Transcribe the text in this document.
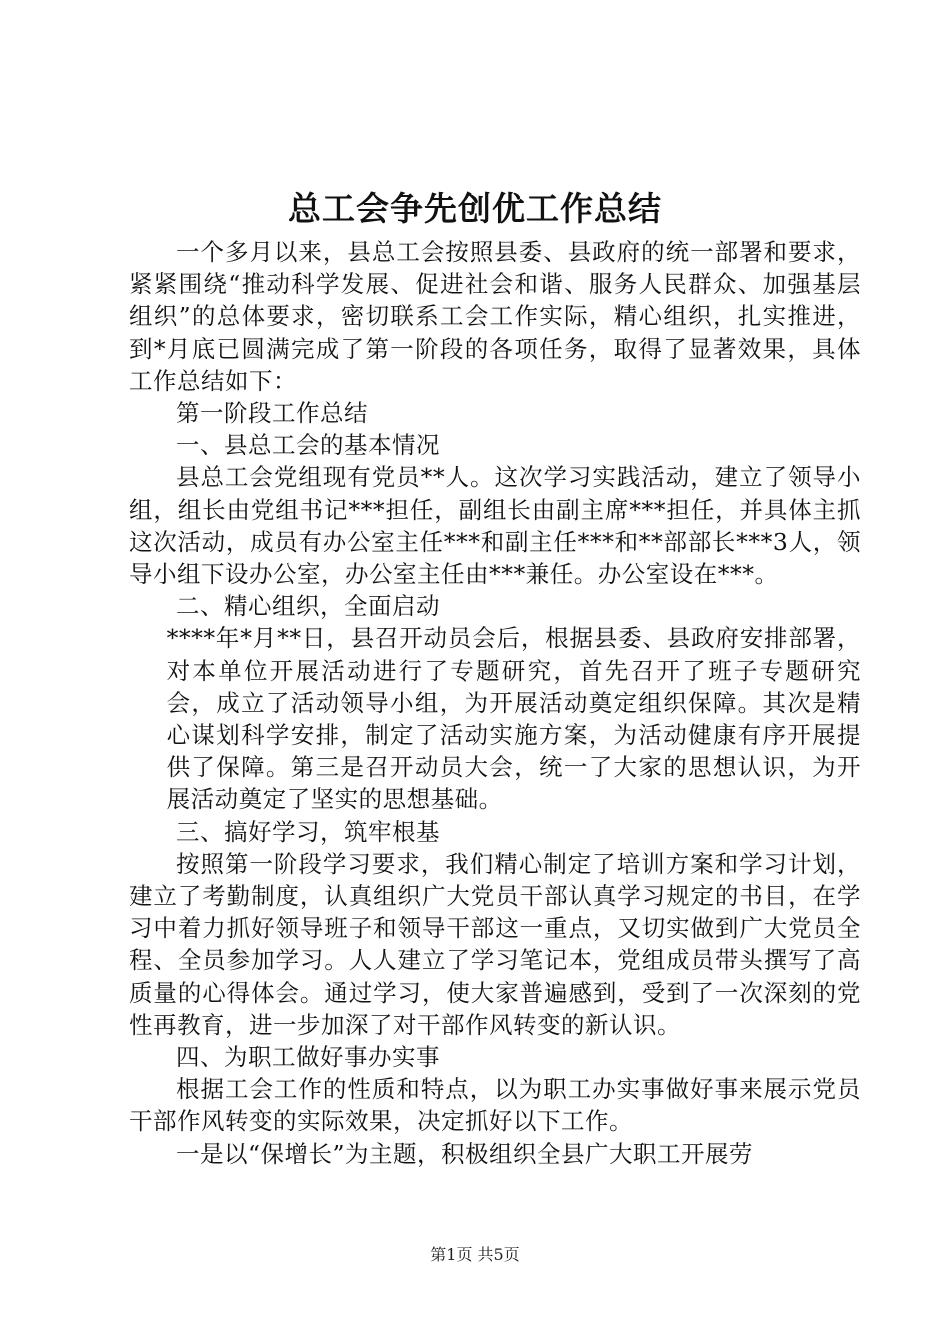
总工会争先创优工作总结

一个多月以来，县总工会按照县委、县政府的统一部署和要求，紧紧围绕“推动科学发展、促进社会和谐、服务人民群众、加强基层组织”的总体要求，密切联系工会工作实际，精心组织，扎实推进，到*月底已圆满完成了第一阶段的各项任务，取得了显著效果，具体工作总结如下：

第一阶段工作总结

一、县总工会的基本情况

县总工会党组现有党员**人。这次学习实践活动，建立了领导小组，组长由党组书记***担任，副组长由副主席***担任，并具体主抓这次活动，成员有办公室主任***和副主任***和**部部长***3人，领导小组下设办公室，办公室主任由***兼任。办公室设在***。

二、精心组织，全面启动

****年*月**日，县召开动员会后，根据县委、县政府安排部署，对本单位开展活动进行了专题研究，首先召开了班子专题研究会，成立了活动领导小组，为开展活动奠定组织保障。其次是精心谋划科学安排，制定了活动实施方案，为活动健康有序开展提供了保障。第三是召开动员大会，统一了大家的思想认识，为开展活动奠定了坚实的思想基础。

三、搞好学习，筑牢根基

按照第一阶段学习要求，我们精心制定了培训方案和学习计划，建立了考勤制度，认真组织广大党员干部认真学习规定的书目，在学习中着力抓好领导班子和领导干部这一重点，又切实做到广大党员全程、全员参加学习。人人建立了学习笔记本，党组成员带头撰写了高质量的心得体会。通过学习，使大家普遍感到，受到了一次深刻的党性再教育，进一步加深了对干部作风转变的新认识。

四、为职工做好事办实事

根据工会工作的性质和特点，以为职工办实事做好事来展示党员干部作风转变的实际效果，决定抓好以下工作。

一是以“保增长”为主题，积极组织全县广大职工开展劳

第1页 共5页
